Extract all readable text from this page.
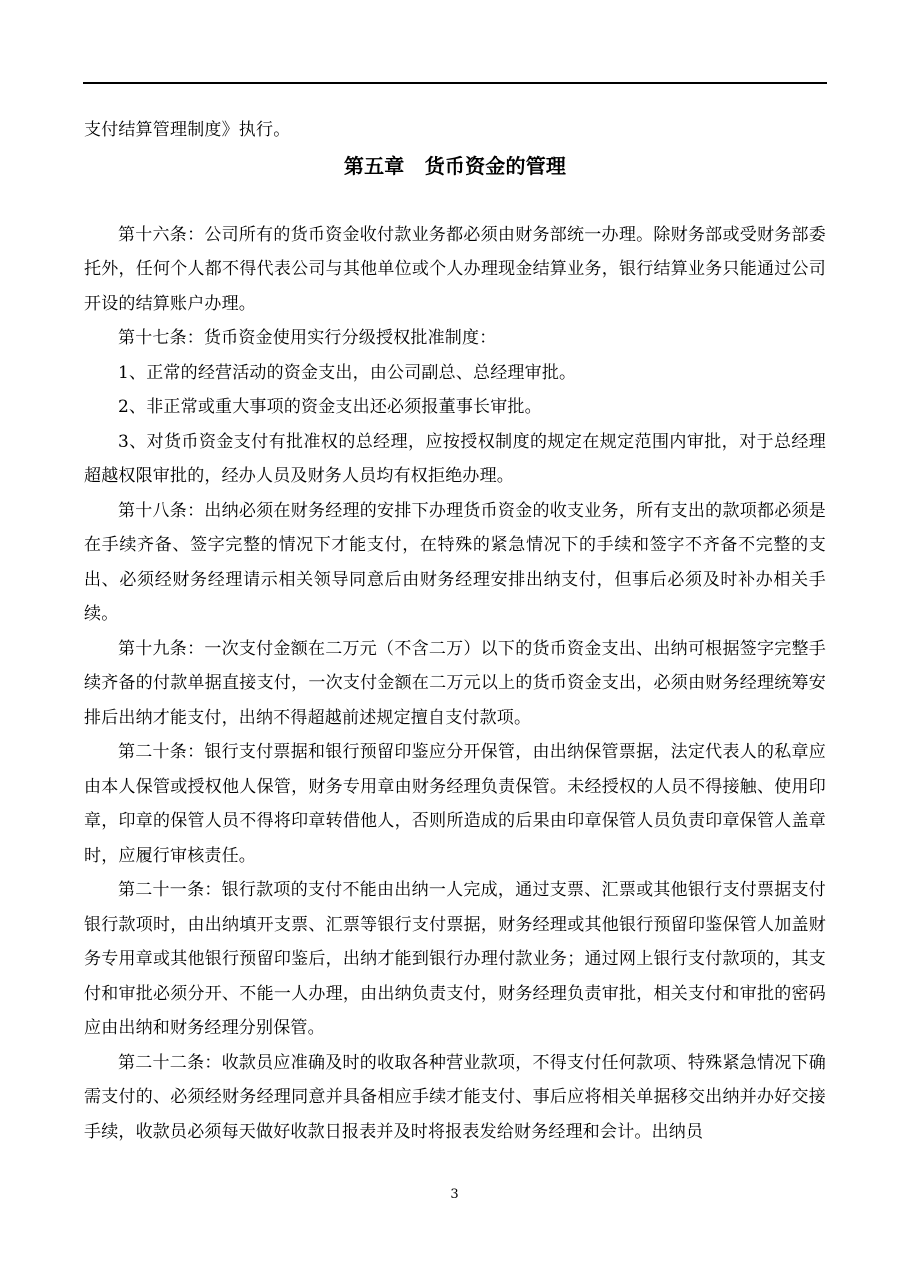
支付结算管理制度》执行。

第五章　货币资金的管理

第十六条：公司所有的货币资金收付款业务都必须由财务部统一办理。除财务部或受财务部委托外，任何个人都不得代表公司与其他单位或个人办理现金结算业务，银行结算业务只能通过公司开设的结算账户办理。

第十七条：货币资金使用实行分级授权批准制度：

1、正常的经营活动的资金支出，由公司副总、总经理审批。

2、非正常或重大事项的资金支出还必须报董事长审批。

3、对货币资金支付有批准权的总经理，应按授权制度的规定在规定范围内审批，对于总经理超越权限审批的，经办人员及财务人员均有权拒绝办理。

第十八条：出纳必须在财务经理的安排下办理货币资金的收支业务，所有支出的款项都必须是在手续齐备、签字完整的情况下才能支付，在特殊的紧急情况下的手续和签字不齐备不完整的支出、必须经财务经理请示相关领导同意后由财务经理安排出纳支付，但事后必须及时补办相关手续。

第十九条：一次支付金额在二万元（不含二万）以下的货币资金支出、出纳可根据签字完整手续齐备的付款单据直接支付，一次支付金额在二万元以上的货币资金支出，必须由财务经理统筹安排后出纳才能支付，出纳不得超越前述规定擅自支付款项。

第二十条：银行支付票据和银行预留印鉴应分开保管，由出纳保管票据，法定代表人的私章应由本人保管或授权他人保管，财务专用章由财务经理负责保管。未经授权的人员不得接触、使用印章，印章的保管人员不得将印章转借他人，否则所造成的后果由印章保管人员负责印章保管人盖章时，应履行审核责任。

第二十一条：银行款项的支付不能由出纳一人完成，通过支票、汇票或其他银行支付票据支付银行款项时，由出纳填开支票、汇票等银行支付票据，财务经理或其他银行预留印鉴保管人加盖财务专用章或其他银行预留印鉴后，出纳才能到银行办理付款业务；通过网上银行支付款项的，其支付和审批必须分开、不能一人办理，由出纳负责支付，财务经理负责审批，相关支付和审批的密码应由出纳和财务经理分别保管。

第二十二条：收款员应准确及时的收取各种营业款项，不得支付任何款项、特殊紧急情况下确需支付的、必须经财务经理同意并具备相应手续才能支付、事后应将相关单据移交出纳并办好交接手续，收款员必须每天做好收款日报表并及时将报表发给财务经理和会计。出纳员

3
